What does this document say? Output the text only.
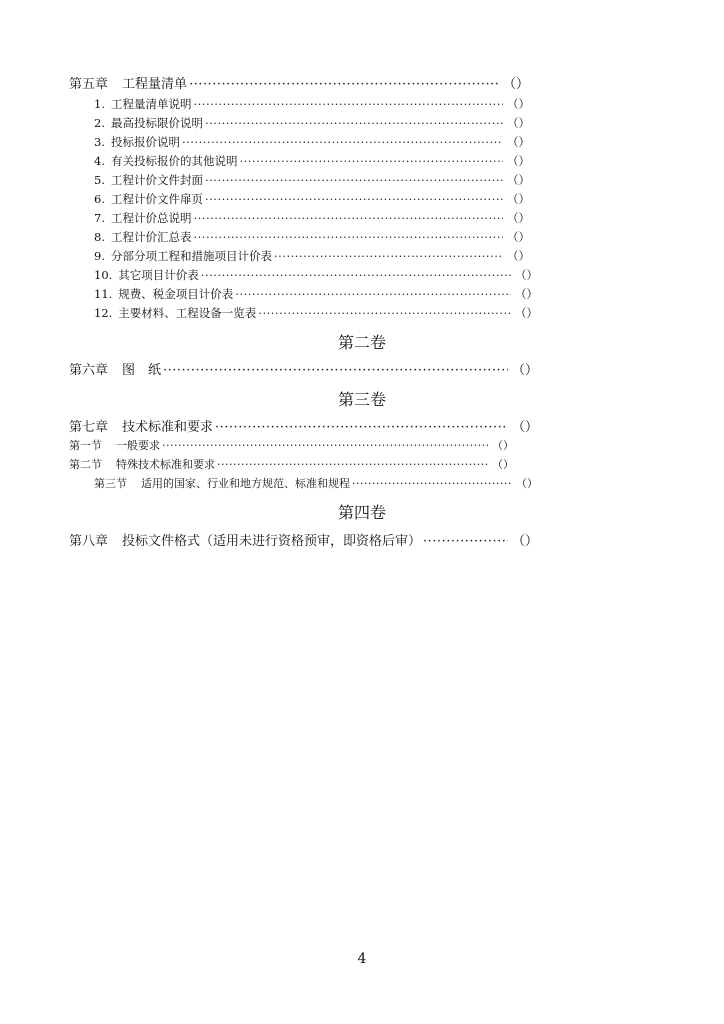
第五章 工程量清单 ·····	（）
1. 工程量清单说明 ·····	（）
2. 最高投标限价说明 ·····	（）
3. 投标报价说明 ·····	（）
4. 有关投标报价的其他说明 ·····	（）
5. 工程计价文件封面 ·····	（）
6. 工程计价文件扉页 ·····	（）
7. 工程计价总说明 ·····	（）
8. 工程计价汇总表 ·····	（）
9. 分部分项工程和措施项目计价表 ·····	（）
10. 其它项目计价表 ·····	（）
11. 规费、税金项目计价表 ·····	（）
12. 主要材料、工程设备一览表 ·····	（）
第二卷
第六章 图　纸 ·····	（）
第三卷
第七章 技术标准和要求 ·····	（）
第一节 一般要求 ·····	（）
第二节 特殊技术标准和要求 ·····	（）
第三节 适用的国家、行业和地方规范、标准和规程 ·····	（）
第四卷
第八章 投标文件格式（适用未进行资格预审，即资格后审） ·····	（）
4
